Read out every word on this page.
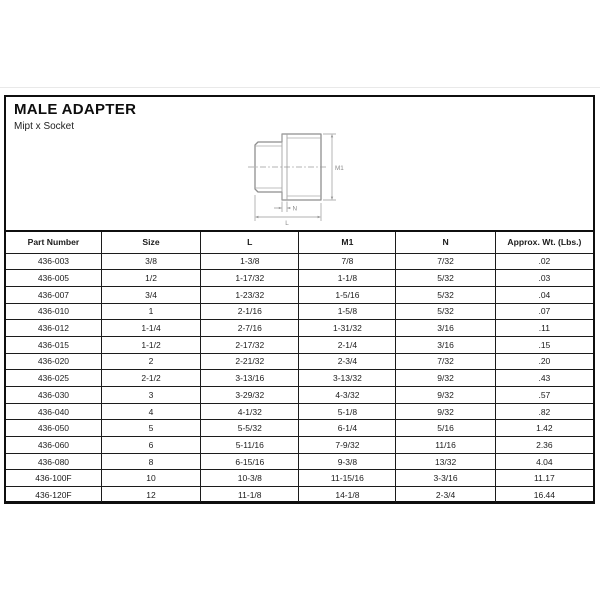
MALE ADAPTER

Mipt x Socket

M1
N
L
Part Number	Size	L	M1	N	Approx. Wt. (Lbs.)
436-003	3/8	1-3/8	7/8	7/32	.02
436-005	1/2	1-17/32	1-1/8	5/32	.03
436-007	3/4	1-23/32	1-5/16	5/32	.04
436-010	1	2-1/16	1-5/8	5/32	.07
436-012	1-1/4	2-7/16	1-31/32	3/16	.11
436-015	1-1/2	2-17/32	2-1/4	3/16	.15
436-020	2	2-21/32	2-3/4	7/32	.20
436-025	2-1/2	3-13/16	3-13/32	9/32	.43
436-030	3	3-29/32	4-3/32	9/32	.57
436-040	4	4-1/32	5-1/8	9/32	.82
436-050	5	5-5/32	6-1/4	5/16	1.42
436-060	6	5-11/16	7-9/32	11/16	2.36
436-080	8	6-15/16	9-3/8	13/32	4.04
436-100F	10	10-3/8	11-15/16	3-3/16	11.17
436-120F	12	11-1/8	14-1/8	2-3/4	16.44
